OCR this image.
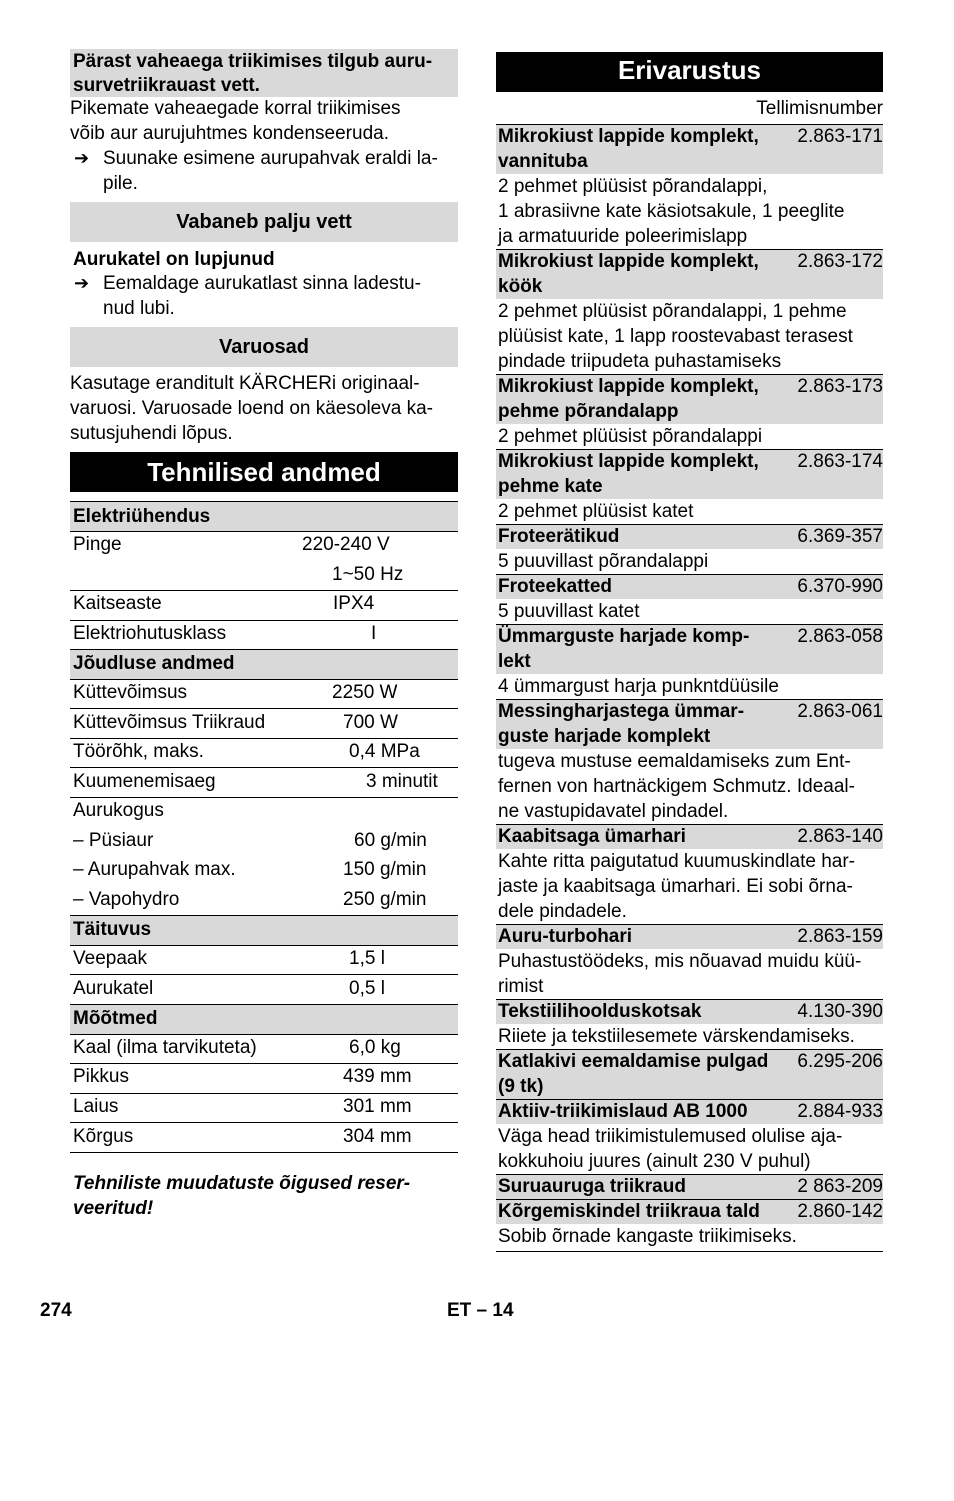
Pärast vaheaega triikimises tilgub auru-
survetriikrauast vett.
Pikemate vaheaegade korral triikimises
võib aur aurujuhtmes kondenseeruda.
➔ Suunake esimene aurupahvak eraldi la-
pile.
Vabaneb palju vett
Aurukatel on lupjunud
➔ Eemaldage aurukatlast sinna ladestu-
nud lubi.
Varuosad
Kasutage eranditult KÄRCHERi originaal-
varuosi. Varuosade loend on käesoleva ka-
sutusjuhendi lõpus.
Tehnilised andmed
Elektriühendus
Pinge	220-240 V
1~50 Hz
Kaitseaste	IPX4
Elektriohutusklass	I
Jõudluse andmed
Küttevõimsus	2250 W
Küttevõimsus Triikraud	700 W
Töörõhk, maks.	0,4 MPa
Kuumenemisaeg	3 minutit
Aurukogus
– Püsiaur	60 g/min
– Aurupahvak max.	150 g/min
– Vapohydro	250 g/min
Täituvus
Veepaak	1,5 l
Aurukatel	0,5 l
Mõõtmed
Kaal (ilma tarvikuteta)	6,0 kg
Pikkus	439 mm
Laius	301 mm
Kõrgus	304 mm
Tehniliste muudatuste õigused reser-
veeritud!
Erivarustus
Tellimisnumber
Mikrokiust lappide komplekt,
vannituba
2.863-171
2 pehmet plüüsist põrandalappi,
1 abrasiivne kate käsiotsakule, 1 peeglite
ja armatuuride poleerimislapp
Mikrokiust lappide komplekt,
köök
2.863-172
2 pehmet plüüsist põrandalappi, 1 pehme
plüüsist kate, 1 lapp roostevabast terasest
pindade triipudeta puhastamiseks
Mikrokiust lappide komplekt,
pehme põrandalapp
2.863-173
2 pehmet plüüsist põrandalappi
Mikrokiust lappide komplekt,
pehme kate
2.863-174
2 pehmet plüüsist katet
Froteerätikud	6.369-357
5 puuvillast põrandalappi
Froteekatted	6.370-990
5 puuvillast katet
Ümmarguste harjade komp-
lekt
2.863-058
4 ümmargust harja punkntdüüsile
Messingharjastega ümmar-
guste harjade komplekt
2.863-061
tugeva mustuse eemaldamiseks zum Ent-
fernen von hartnäckigem Schmutz. Ideaal-
ne vastupidavatel pindadel.
Kaabitsaga ümarhari	2.863-140
Kahte ritta paigutatud kuumuskindlate har-
jaste ja kaabitsaga ümarhari. Ei sobi õrna-
dele pindadele.
Auru-turbohari	2.863-159
Puhastustöödeks, mis nõuavad muidu küü-
rimist
Tekstiilihoolduskotsak	4.130-390
Riiete ja tekstiilesemete värskendamiseks.
Katlakivi eemaldamise pulgad
(9 tk)
6.295-206
Aktiiv-triikimislaud AB 1000	2.884-933
Väga head triikimistulemused olulise aja-
kokkuhoiu juures (ainult 230 V puhul)
Suruauruga triikraud	2 863-209
Kõrgemiskindel triikraua tald 2.860-142
Sobib õrnade kangaste triikimiseks.
274	ET – 14
